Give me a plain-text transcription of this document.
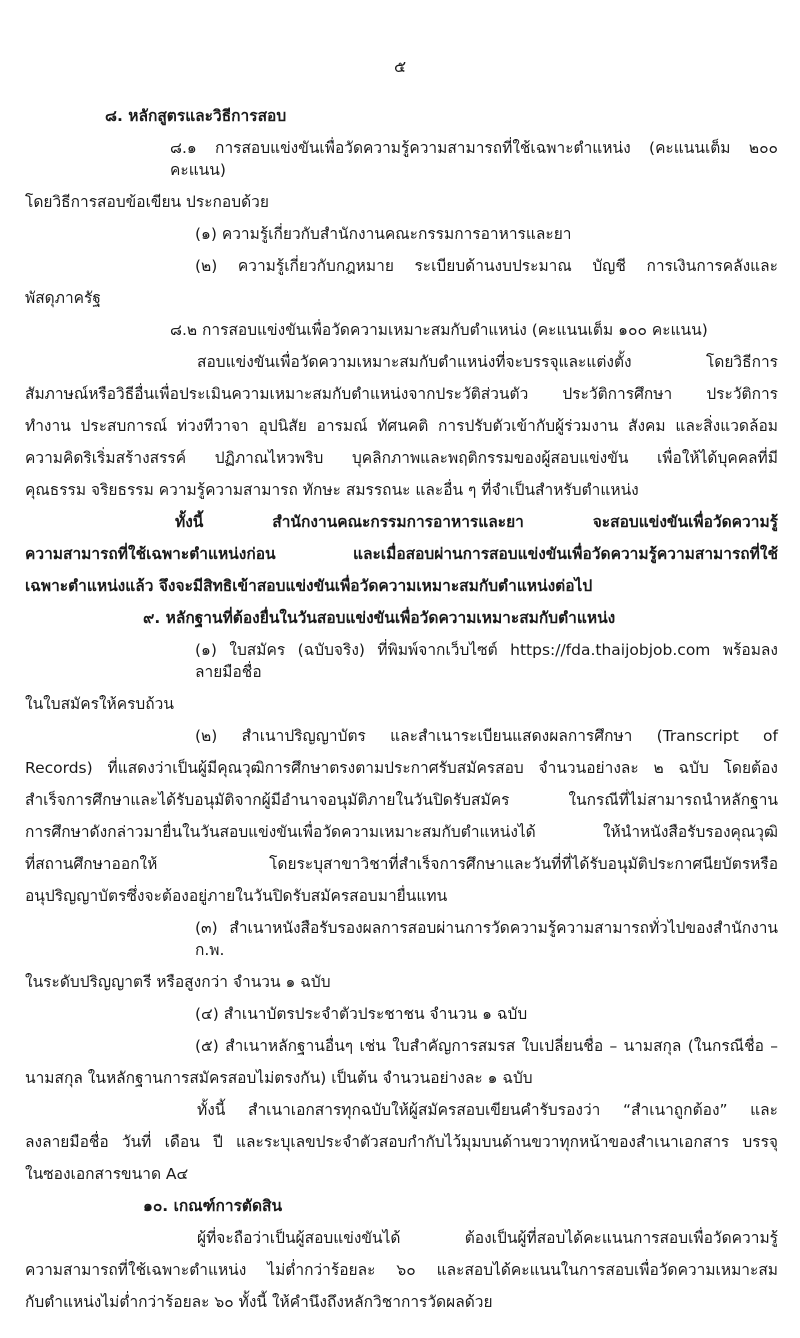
๕
๘. หลักสูตรและวิธีการสอบ
๘.๑ การสอบแข่งขันเพื่อวัดความรู้ความสามารถที่ใช้เฉพาะตำแหน่ง (คะแนนเต็ม ๒๐๐ คะแนน)
โดยวิธีการสอบข้อเขียน ประกอบด้วย
(๑) ความรู้เกี่ยวกับสำนักงานคณะกรรมการอาหารและยา
(๒) ความรู้เกี่ยวกับกฎหมาย ระเบียบด้านงบประมาณ บัญชี การเงินการคลังและ
พัสดุภาครัฐ
๘.๒ การสอบแข่งขันเพื่อวัดความเหมาะสมกับตำแหน่ง (คะแนนเต็ม ๑๐๐ คะแนน)
สอบแข่งขันเพื่อวัดความเหมาะสมกับตำแหน่งที่จะบรรจุและแต่งตั้ง โดยวิธีการ
สัมภาษณ์หรือวิธีอื่นเพื่อประเมินความเหมาะสมกับตำแหน่งจากประวัติส่วนตัว ประวัติการศึกษา ประวัติการ
ทำงาน ประสบการณ์ ท่วงทีวาจา อุปนิสัย อารมณ์ ทัศนคติ การปรับตัวเข้ากับผู้ร่วมงาน สังคม และสิ่งแวดล้อม
ความคิดริเริ่มสร้างสรรค์ ปฏิภาณไหวพริบ บุคลิกภาพและพฤติกรรมของผู้สอบแข่งขัน เพื่อให้ได้บุคคลที่มี
คุณธรรม จริยธรรม ความรู้ความสามารถ ทักษะ สมรรถนะ และอื่น ๆ ที่จำเป็นสำหรับตำแหน่ง
ทั้งนี้ สำนักงานคณะกรรมการอาหารและยา จะสอบแข่งขันเพื่อวัดความรู้
ความสามารถที่ใช้เฉพาะตำแหน่งก่อน และเมื่อสอบผ่านการสอบแข่งขันเพื่อวัดความรู้ความสามารถที่ใช้
เฉพาะตำแหน่งแล้ว จึงจะมีสิทธิเข้าสอบแข่งขันเพื่อวัดความเหมาะสมกับตำแหน่งต่อไป
๙. หลักฐานที่ต้องยื่นในวันสอบแข่งขันเพื่อวัดความเหมาะสมกับตำแหน่ง
(๑) ใบสมัคร (ฉบับจริง) ที่พิมพ์จากเว็บไซต์ https://fda.thaijobjob.com พร้อมลงลายมือชื่อ
ในใบสมัครให้ครบถ้วน
(๒) สำเนาปริญญาบัตร และสำเนาระเบียนแสดงผลการศึกษา (Transcript of
Records) ที่แสดงว่าเป็นผู้มีคุณวุฒิการศึกษาตรงตามประกาศรับสมัครสอบ จำนวนอย่างละ ๒ ฉบับ โดยต้อง
สำเร็จการศึกษาและได้รับอนุมัติจากผู้มีอำนาจอนุมัติภายในวันปิดรับสมัคร ในกรณีที่ไม่สามารถนำหลักฐาน
การศึกษาดังกล่าวมายื่นในวันสอบแข่งขันเพื่อวัดความเหมาะสมกับตำแหน่งได้ ให้นำหนังสือรับรองคุณวุฒิ
ที่สถานศึกษาออกให้ โดยระบุสาขาวิชาที่สำเร็จการศึกษาและวันที่ที่ได้รับอนุมัติประกาศนียบัตรหรือ
อนุปริญญาบัตรซึ่งจะต้องอยู่ภายในวันปิดรับสมัครสอบมายื่นแทน
(๓) สำเนาหนังสือรับรองผลการสอบผ่านการวัดความรู้ความสามารถทั่วไปของสำนักงาน ก.พ.
ในระดับปริญญาตรี หรือสูงกว่า จำนวน ๑ ฉบับ
(๔) สำเนาบัตรประจำตัวประชาชน จำนวน ๑ ฉบับ
(๕) สำเนาหลักฐานอื่นๆ เช่น ใบสำคัญการสมรส ใบเปลี่ยนชื่อ – นามสกุล (ในกรณีชื่อ –
นามสกุล ในหลักฐานการสมัครสอบไม่ตรงกัน) เป็นต้น จำนวนอย่างละ ๑ ฉบับ
ทั้งนี้ สำเนาเอกสารทุกฉบับให้ผู้สมัครสอบเขียนคำรับรองว่า “สำเนาถูกต้อง” และ
ลงลายมือชื่อ วันที่ เดือน ปี และระบุเลขประจำตัวสอบกำกับไว้มุมบนด้านขวาทุกหน้าของสำเนาเอกสาร บรรจุ
ในซองเอกสารขนาด A๔
๑๐. เกณฑ์การตัดสิน
ผู้ที่จะถือว่าเป็นผู้สอบแข่งขันได้ ต้องเป็นผู้ที่สอบได้คะแนนการสอบเพื่อวัดความรู้
ความสามารถที่ใช้เฉพาะตำแหน่ง ไม่ต่ำกว่าร้อยละ ๖๐ และสอบได้คะแนนในการสอบเพื่อวัดความเหมาะสม
กับตำแหน่งไม่ต่ำกว่าร้อยละ ๖๐ ทั้งนี้ ให้คำนึงถึงหลักวิชาการวัดผลด้วย
